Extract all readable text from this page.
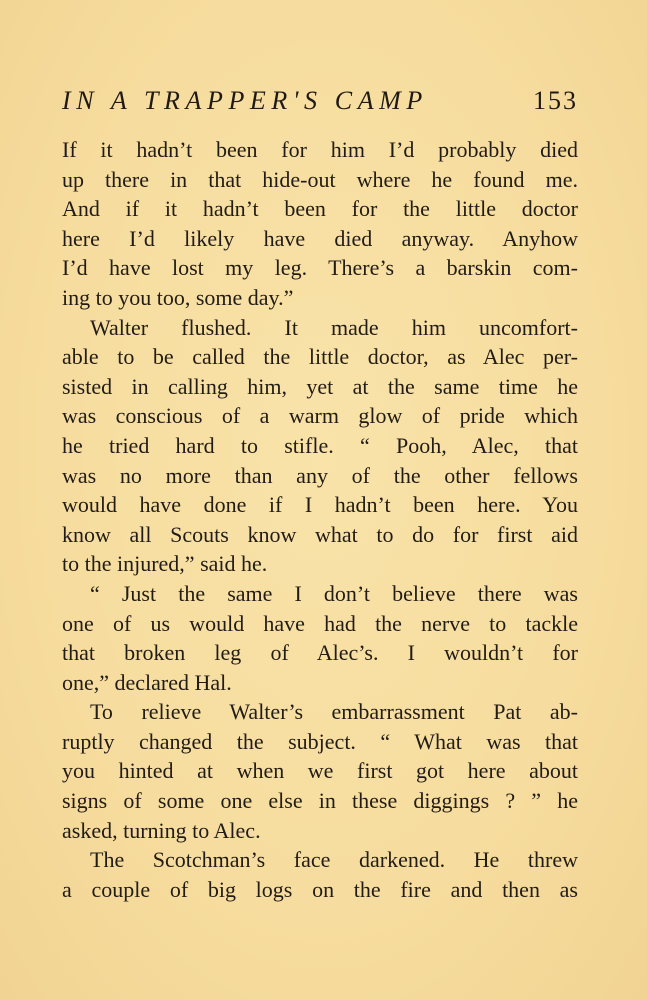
IN A TRAPPER'S CAMP	153
If it hadn’t been for him I’d probably died
up there in that hide-out where he found me.
And if it hadn’t been for the little doctor
here I’d likely have died anyway. Anyhow
I’d have lost my leg. There’s a barskin com-
ing to you too, some day.”
Walter flushed. It made him uncomfort-
able to be called the little doctor, as Alec per-
sisted in calling him, yet at the same time he
was conscious of a warm glow of pride which
he tried hard to stifle. “ Pooh, Alec, that
was no more than any of the other fellows
would have done if I hadn’t been here. You
know all Scouts know what to do for first aid
to the injured,” said he.
“ Just the same I don’t believe there was
one of us would have had the nerve to tackle
that broken leg of Alec’s. I wouldn’t for
one,” declared Hal.
To relieve Walter’s embarrassment Pat ab-
ruptly changed the subject. “ What was that
you hinted at when we first got here about
signs of some one else in these diggings ? ” he
asked, turning to Alec.
The Scotchman’s face darkened. He threw
a couple of big logs on the fire and then as
